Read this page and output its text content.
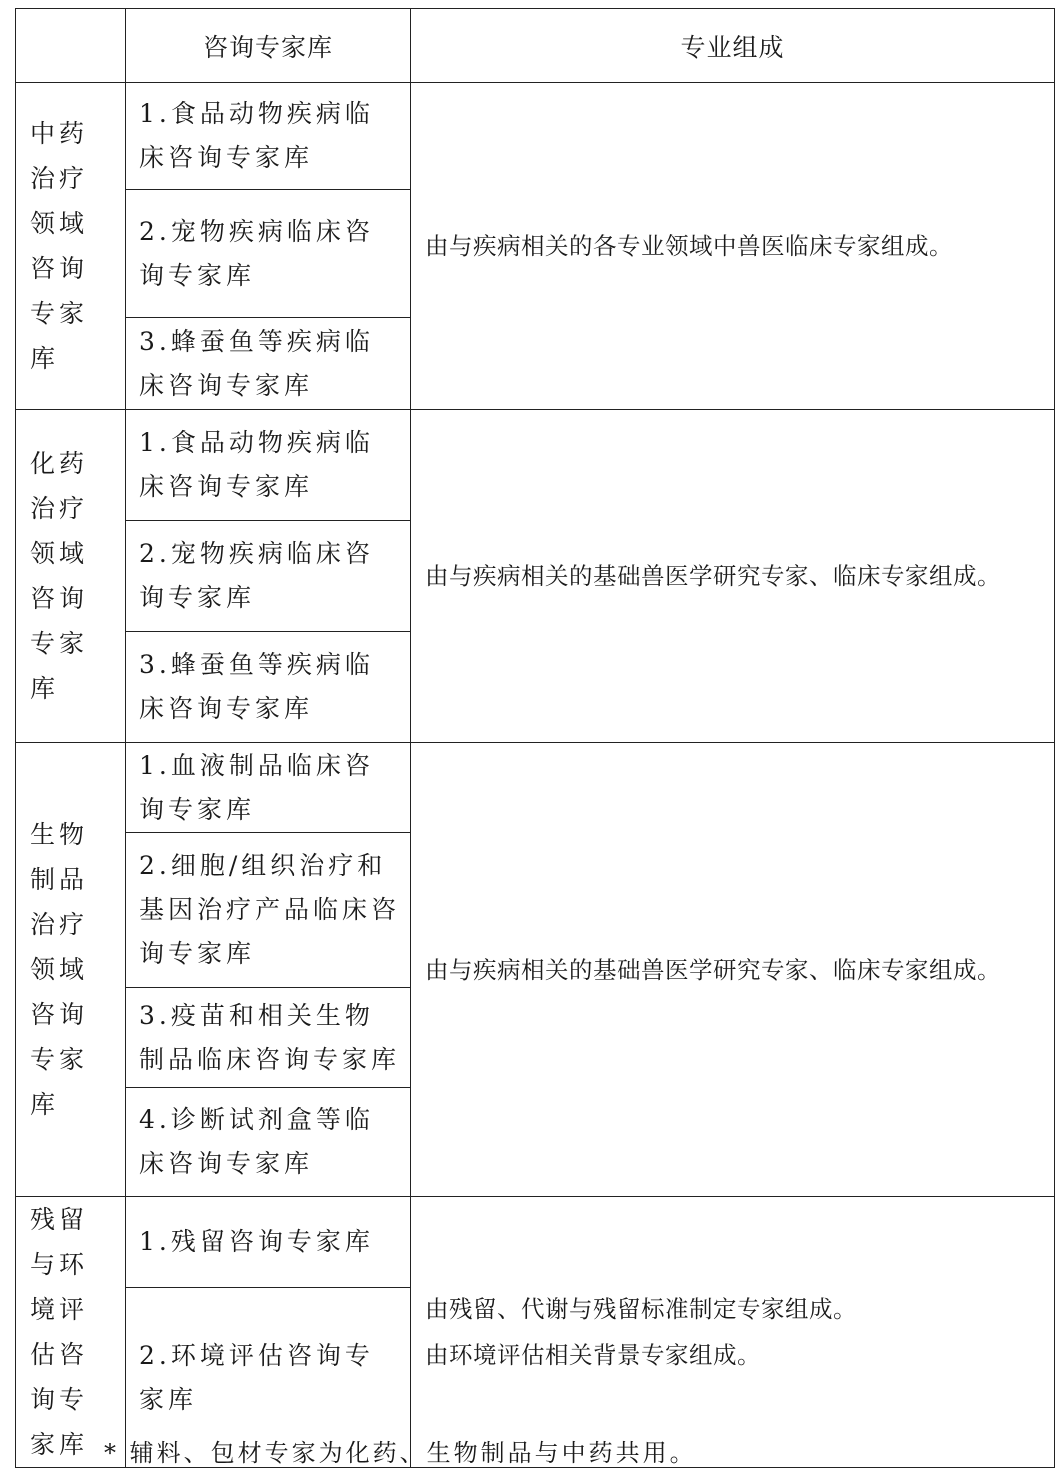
	咨询专家库	专业组成
中药治疗领域咨询专家库	1.食品动物疾病临床咨询专家库	由与疾病相关的各专业领域中兽医临床专家组成。

	2.宠物疾病临床咨询专家库	
	3.蜂蚕鱼等疾病临床咨询专家库	
化药治疗领域咨询专家库	1.食品动物疾病临床咨询专家库	由与疾病相关的基础兽医学研究专家、临床专家组成。

	2.宠物疾病临床咨询专家库	
	3.蜂蚕鱼等疾病临床咨询专家库	
生物制品治疗领域咨询专家库	1.血液制品临床咨询专家库	由与疾病相关的基础兽医学研究专家、临床专家组成。

	2.细胞/组织治疗和基因治疗产品临床咨询专家库	
	3.疫苗和相关生物制品临床咨询专家库	
	4.诊断试剂盒等临床咨询专家库	
残留与环境评估咨询专家库	1.残留咨询专家库	由残留、代谢与残留标准制定专家组成。
由环境评估相关背景专家组成。

	2.环境评估咨询专家库	
* 辅料、包材专家为化药、生物制品与中药共用。
